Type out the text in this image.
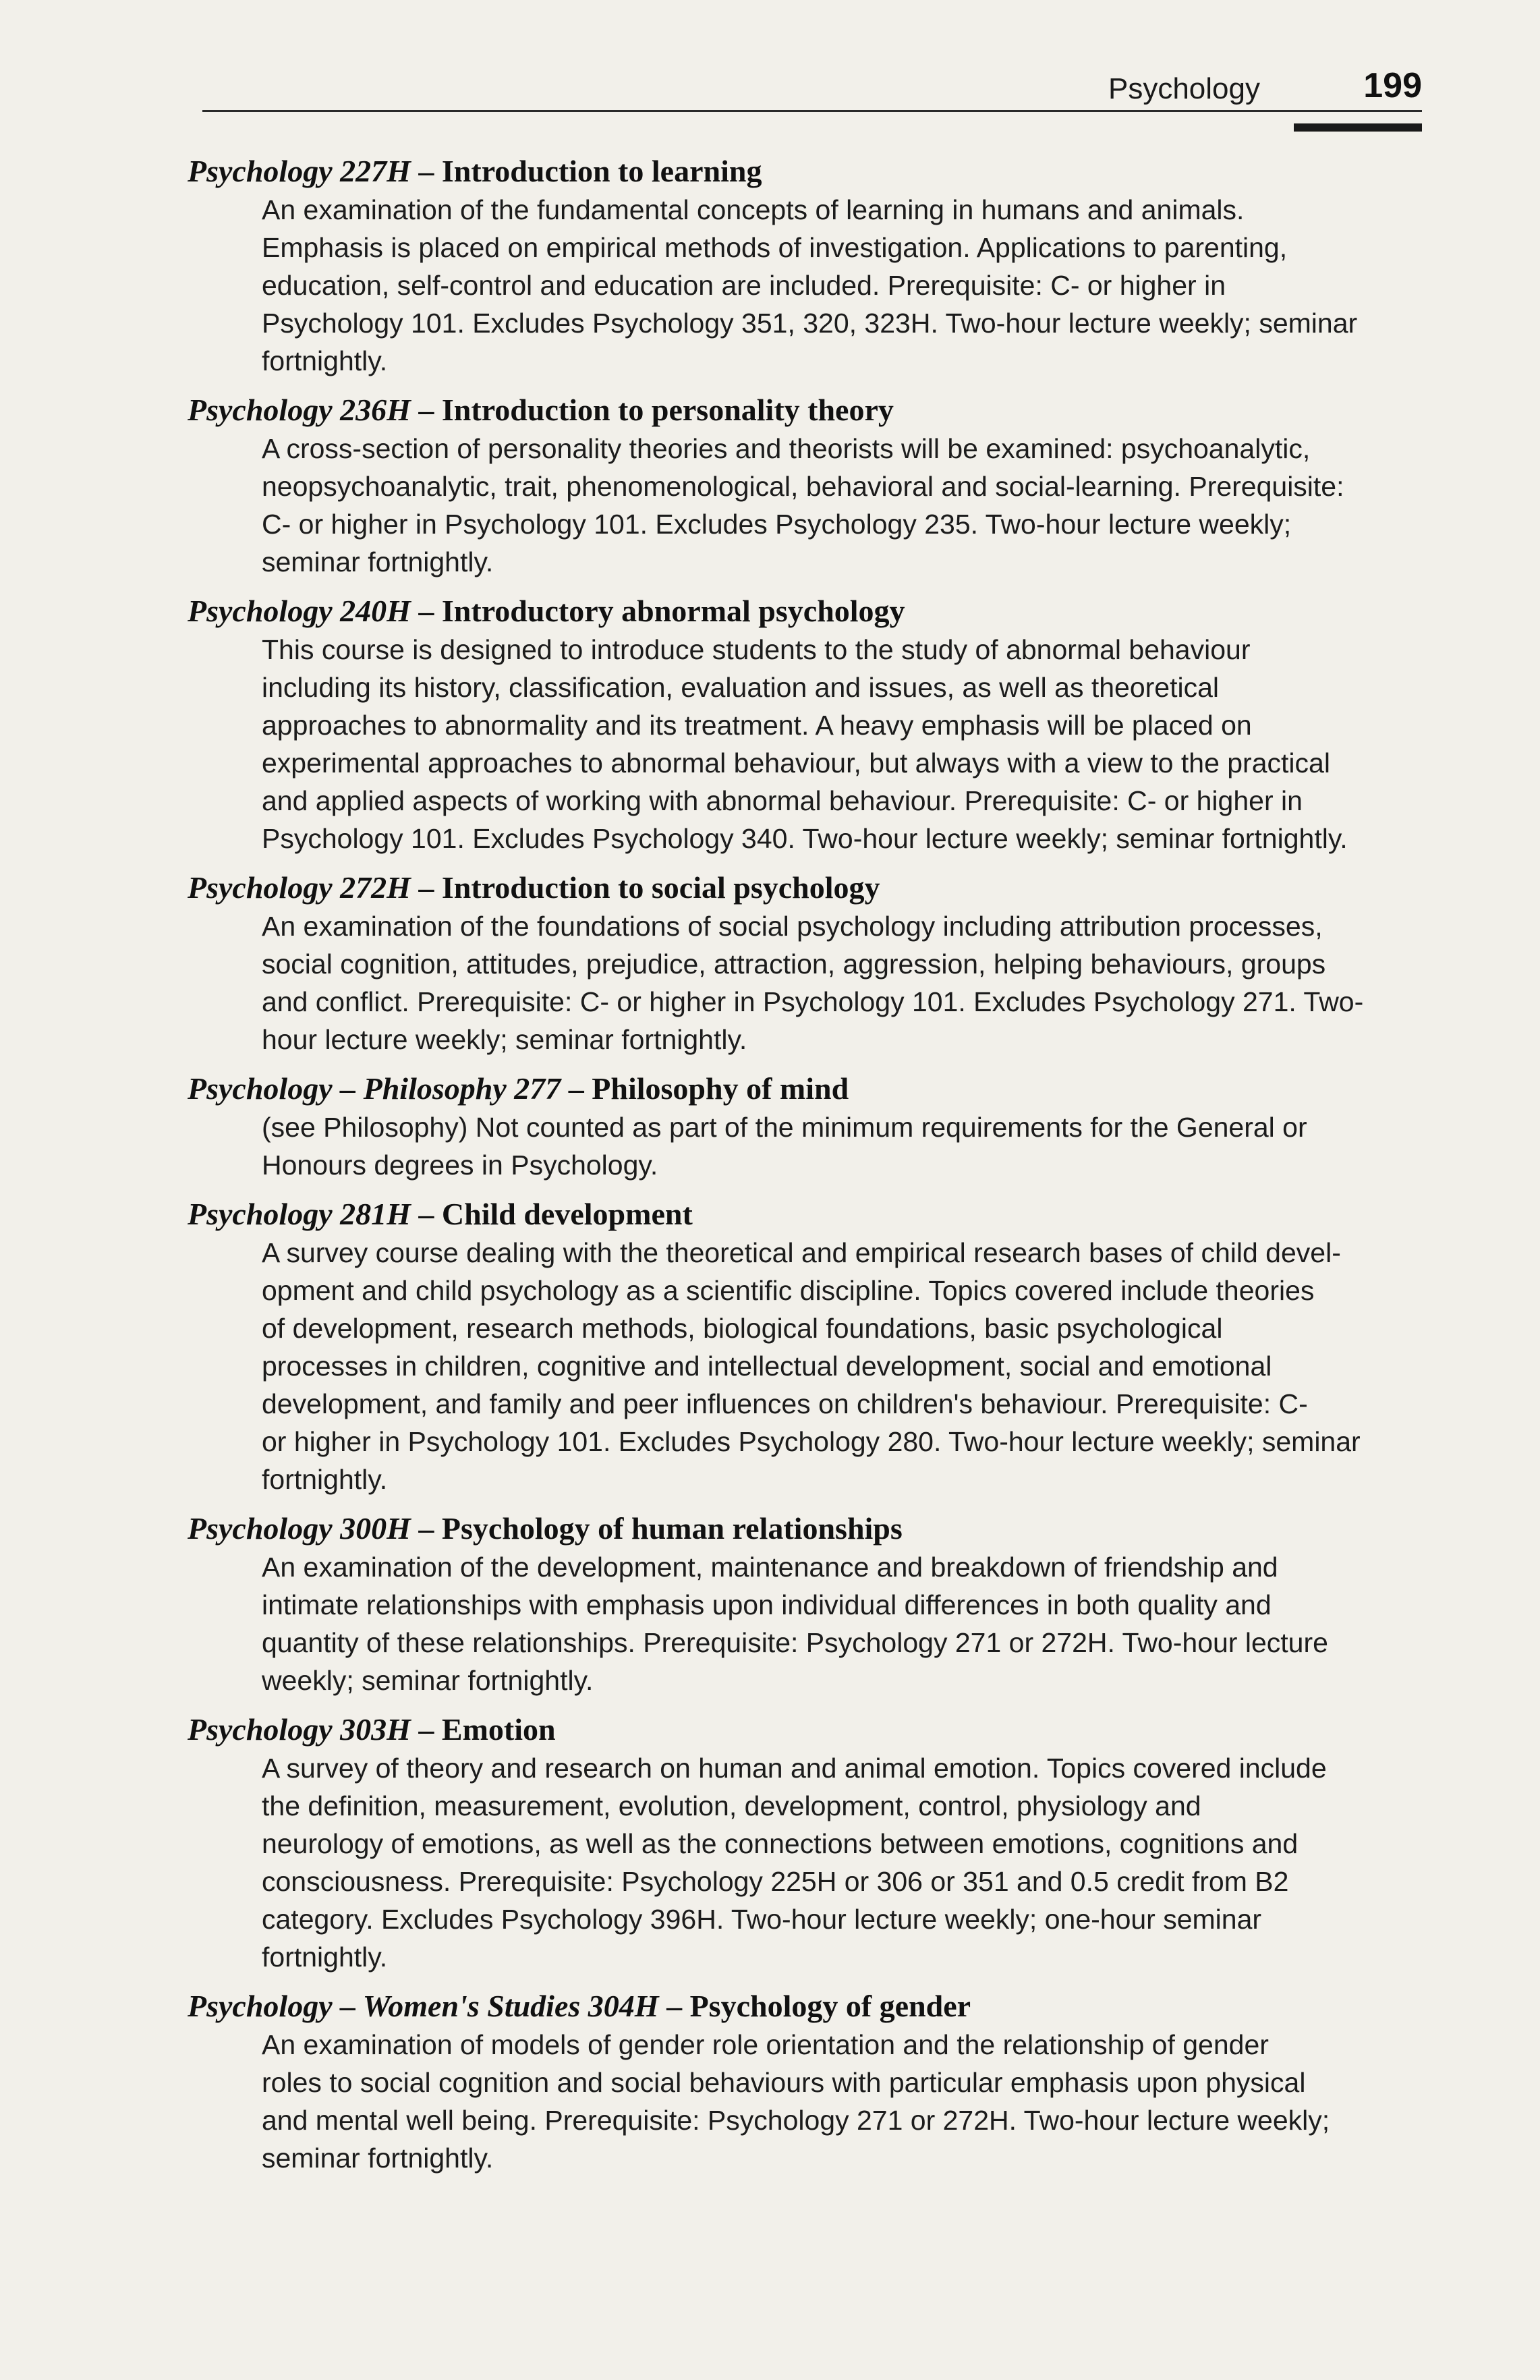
Psychology	199

Psychology 227H – Introduction to learning

An examination of the fundamental concepts of learning in humans and animals.
Emphasis is placed on empirical methods of investigation. Applications to parenting,
education, self-control and education are included. Prerequisite: C- or higher in
Psychology 101. Excludes Psychology 351, 320, 323H. Two-hour lecture weekly; seminar
fortnightly.

Psychology 236H – Introduction to personality theory

A cross-section of personality theories and theorists will be examined: psychoanalytic,
neopsychoanalytic, trait, phenomenological, behavioral and social-learning. Prerequisite:
C- or higher in Psychology 101. Excludes Psychology 235. Two-hour lecture weekly;
seminar fortnightly.

Psychology 240H – Introductory abnormal psychology

This course is designed to introduce students to the study of abnormal behaviour
including its history, classification, evaluation and issues, as well as theoretical
approaches to abnormality and its treatment. A heavy emphasis will be placed on
experimental approaches to abnormal behaviour, but always with a view to the practical
and applied aspects of working with abnormal behaviour. Prerequisite: C- or higher in
Psychology 101. Excludes Psychology 340. Two-hour lecture weekly; seminar fortnightly.

Psychology 272H – Introduction to social psychology

An examination of the foundations of social psychology including attribution processes,
social cognition, attitudes, prejudice, attraction, aggression, helping behaviours, groups
and conflict. Prerequisite: C- or higher in Psychology 101. Excludes Psychology 271. Two-
hour lecture weekly; seminar fortnightly.

Psychology – Philosophy 277 – Philosophy of mind

(see Philosophy) Not counted as part of the minimum requirements for the General or
Honours degrees in Psychology.

Psychology 281H – Child development

A survey course dealing with the theoretical and empirical research bases of child devel-
opment and child psychology as a scientific discipline. Topics covered include theories
of development, research methods, biological foundations, basic psychological
processes in children, cognitive and intellectual development, social and emotional
development, and family and peer influences on children's behaviour. Prerequisite: C-
or higher in Psychology 101. Excludes Psychology 280. Two-hour lecture weekly; seminar
fortnightly.

Psychology 300H – Psychology of human relationships

An examination of the development, maintenance and breakdown of friendship and
intimate relationships with emphasis upon individual differences in both quality and
quantity of these relationships. Prerequisite: Psychology 271 or 272H. Two-hour lecture
weekly; seminar fortnightly.

Psychology 303H – Emotion

A survey of theory and research on human and animal emotion. Topics covered include
the definition, measurement, evolution, development, control, physiology and
neurology of emotions, as well as the connections between emotions, cognitions and
consciousness. Prerequisite: Psychology 225H or 306 or 351 and 0.5 credit from B2
category. Excludes Psychology 396H. Two-hour lecture weekly; one-hour seminar
fortnightly.

Psychology – Women's Studies 304H – Psychology of gender

An examination of models of gender role orientation and the relationship of gender
roles to social cognition and social behaviours with particular emphasis upon physical
and mental well being. Prerequisite: Psychology 271 or 272H. Two-hour lecture weekly;
seminar fortnightly.
